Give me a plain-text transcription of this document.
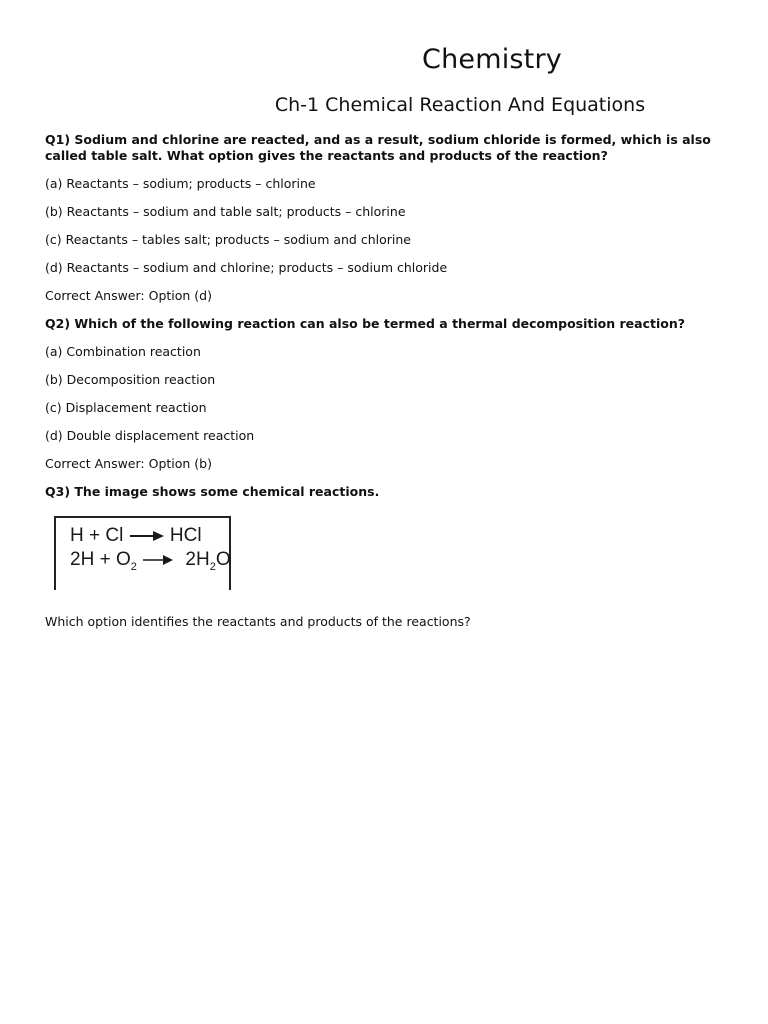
Chemistry
Ch-1 Chemical Reaction And Equations

Q1) Sodium and chlorine are reacted, and as a result, sodium chloride is formed, which is also called table salt. What option gives the reactants and products of the reaction?

(a) Reactants – sodium; products – chlorine

(b) Reactants – sodium and table salt; products – chlorine

(c) Reactants – tables salt; products – sodium and chlorine

(d) Reactants – sodium and chlorine; products – sodium chloride

Correct Answer: Option (d)

Q2) Which of the following reaction can also be termed a thermal decomposition reaction?

(a) Combination reaction

(b) Decomposition reaction

(c) Displacement reaction

(d) Double displacement reaction

Correct Answer: Option (b)

Q3) The image shows some chemical reactions.

H + Cl → HCl
$2H + O_2 \to 2H_2O$

Which option identifies the reactants and products of the reactions?
